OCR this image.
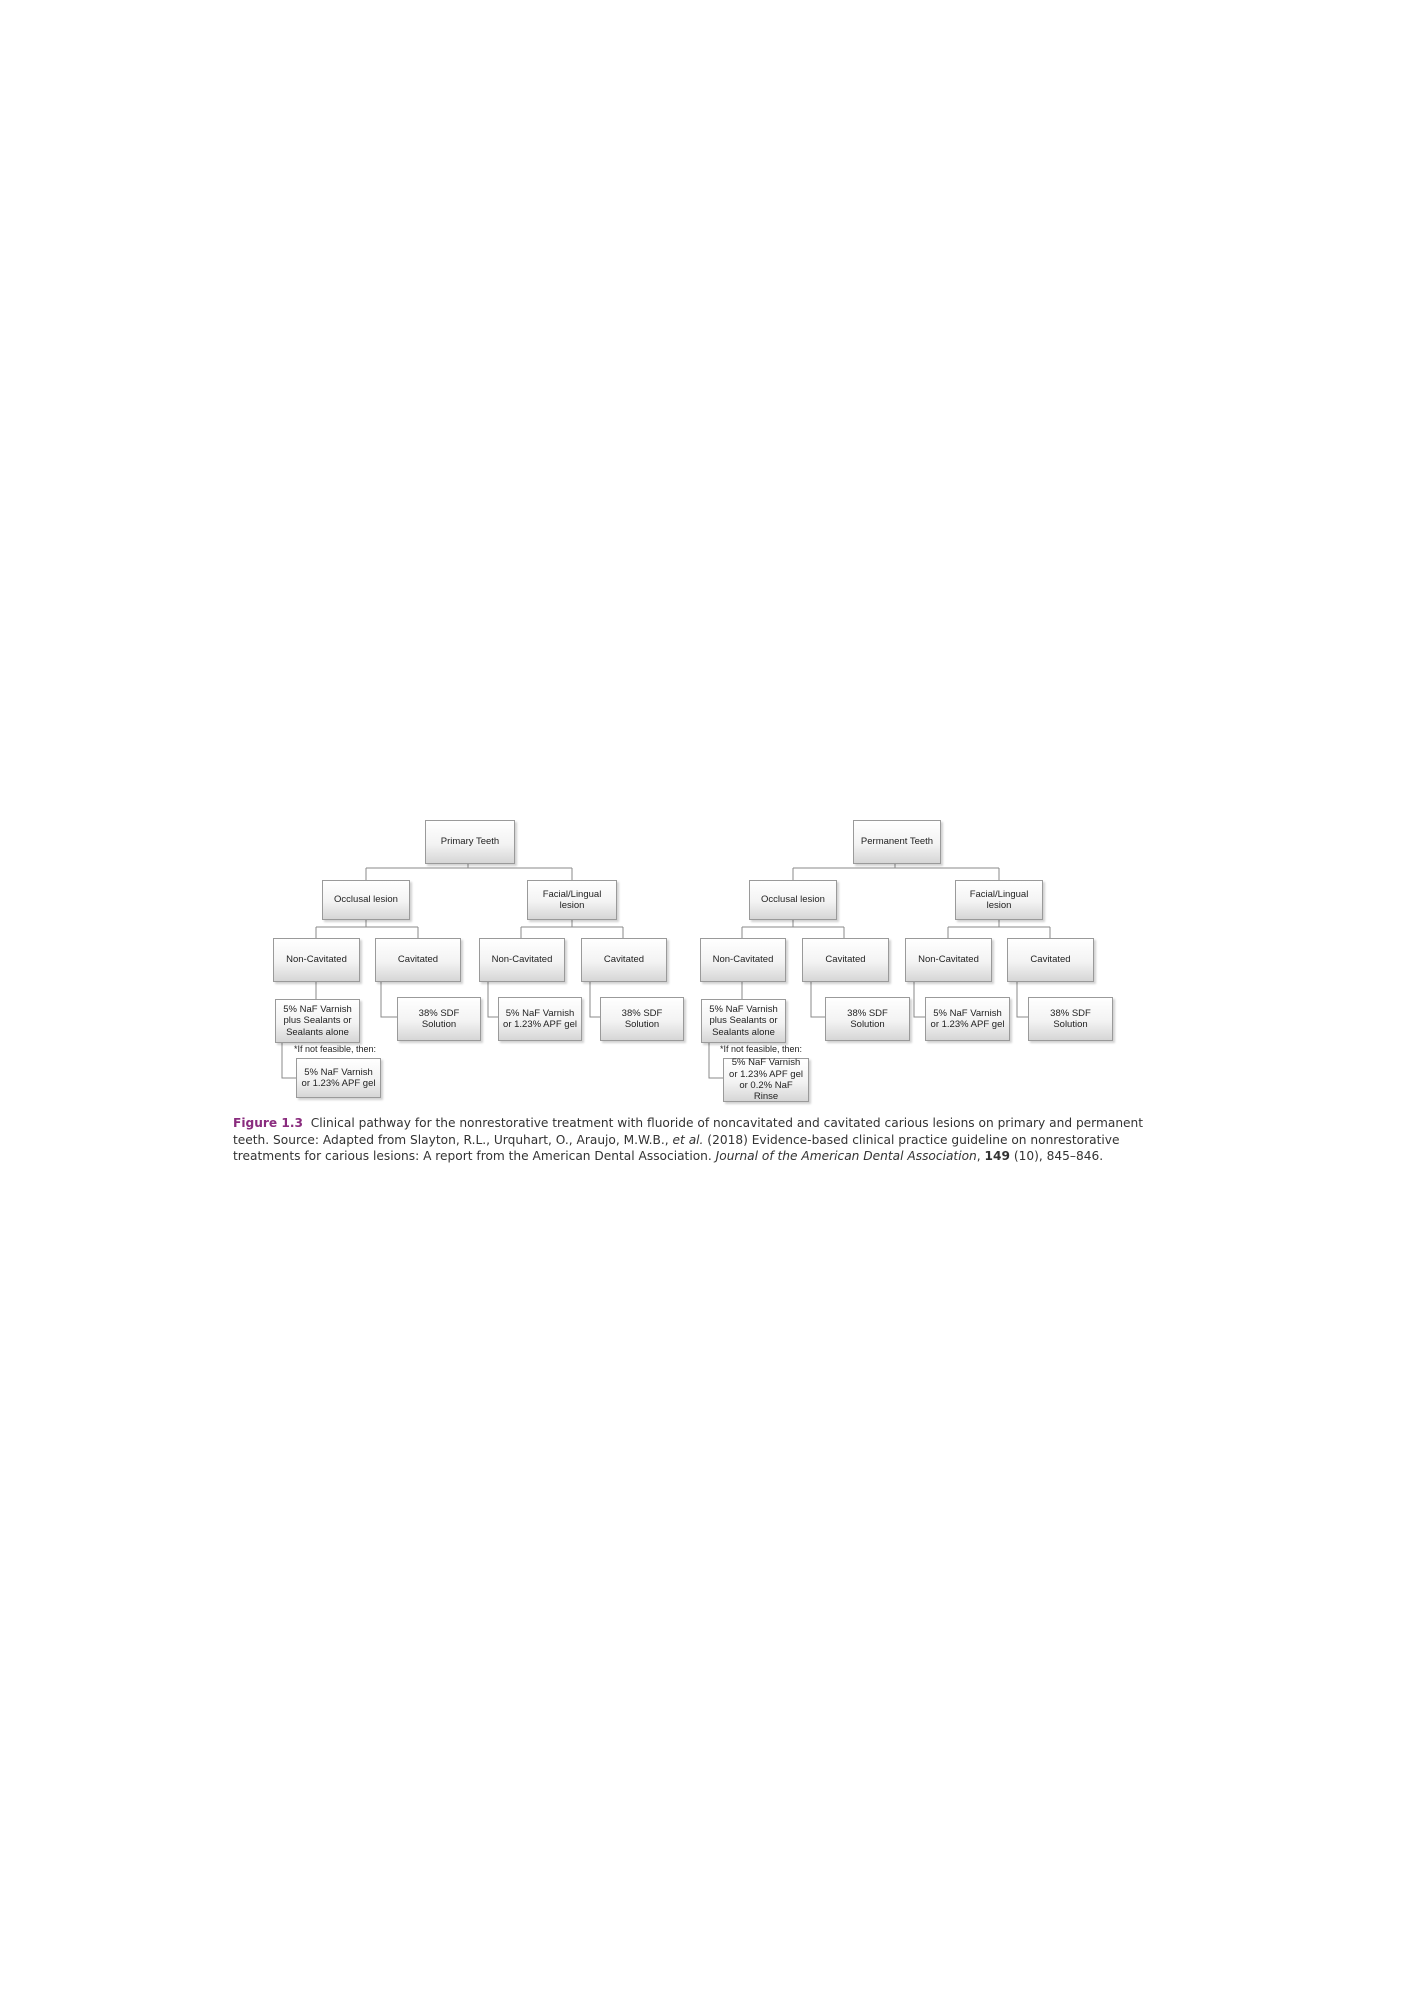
Primary Teeth
Occlusal lesion
Facial/Lingual
lesion
Non-Cavitated	Cavitated	Non-Cavitated	Cavitated
5% NaF Varnish
plus Sealants or
Sealants alone
38% SDF Solution
5% NaF Varnish
or 1.23% APF gel
38% SDF Solution
*If not feasible, then:
5% NaF Varnish
or 1.23% APF gel
Permanent Teeth
Occlusal lesion
Facial/Lingual
lesion
Non-Cavitated	Cavitated	Non-Cavitated	Cavitated
5% NaF Varnish
plus Sealants or
Sealants alone
38% SDF Solution
5% NaF Varnish
or 1.23% APF gel
38% SDF Solution
*If not feasible, then:
5% NaF Varnish
or 1.23% APF gel
or 0.2% NaF Rinse
Figure 1.3 Clinical pathway for the nonrestorative treatment with fluoride of noncavitated and cavitated carious lesions on primary and permanent teeth. Source: Adapted from Slayton, R.L., Urquhart, O., Araujo, M.W.B., et al. (2018) Evidence-based clinical practice guideline on nonrestorative treatments for carious lesions: A report from the American Dental Association. Journal of the American Dental Association, 149 (10), 845–846.
